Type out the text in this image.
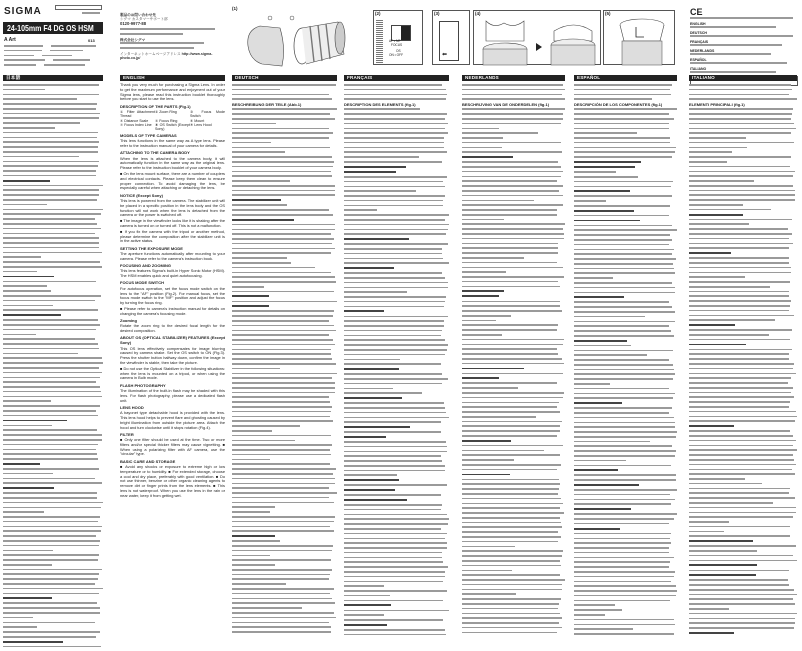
SIGMA
24-105mm F4 DG OS HSM
A Art	013
製品のお問い合わせ先
シグマ カスタマーサポート部
0120-9977-88
株式会社シグマ
インターネットホームページアドレス http://www.sigma-photo.co.jp/
(1)
(2)
AF • MF
FOCUS
OS
ON • OFF
(3)
⬅
(4)	(5)	CE
ENGLISH
DEUTSCH
FRANÇAIS
NEDERLANDS
ESPAÑOL
ITALIANO
日本語	ENGLISH	DEUTSCH	FRANÇAIS	NEDERLANDS	ESPAÑOL	ITALIANO

Thank you very much for purchasing a Sigma Lens. In order to get the maximum performance and enjoyment out of your Sigma lens, please read this instruction booklet thoroughly before you start to use the lens.

DESCRIPTION OF THE PARTS (Fig.1)
① Filter Attachment Thread
② Zoom Ring	③ Focus Mode Switch
④ Distance Scale	⑤ Focus Ring	⑥ Mount
⑦ Focus Index Line ⑧ OS Switch (Except Sony)
⑨ Lens Hood
MODELS OF TYPE CAMERAS

This lens functions in the same way as A type lens. Please refer to the instruction manual of your camera for details.

ATTACHING TO THE CAMERA BODY

When the lens is attached to the camera body, it will automatically function in the same way as the original lens. Please refer to the instruction booklet of your camera body.

■ On the lens mount surface, there are a number of couplers and electrical contacts. Please keep them clean to ensure proper connection. To avoid damaging the lens, be especially careful when attaching or detaching the lens.

NOTICE (Except Sony)

This lens is powered from the camera. The stabilizer unit will be placed in a specific position in the lens body and the OS function will not work when the lens is detached from the camera or the power is switched off.

■ The image in the viewfinder looks like it is shaking after the camera is turned on or turned off. This is not a malfunction.

■ If you fix the camera with the tripod or another method, please determine the composition after the stabilizer unit is in the active status.

SETTING THE EXPOSURE MODE

The aperture functions automatically after mounting to your camera. Please refer to the camera's instruction book.

FOCUSING AND ZOOMING

This lens features Sigma's built-in Hyper Sonic Motor (HSM). The HSM enables quick and quiet autofocusing.

FOCUS MODE SWITCH

For autofocus operation, set the focus mode switch on the lens to the "AF" position (Fig.2). For manual focus, set the focus mode switch to the "MF" position and adjust the focus by turning the focus ring.

■ Please refer to camera's instruction manual for details on changing the camera's focusing mode.

Zooming

Rotate the zoom ring to the desired focal length for the desired composition.

ABOUT OS (OPTICAL STABILIZER) FEATURES (Except Sony)

This OS lens effectively compensates for image blurring caused by camera shake. Set the OS switch to ON (Fig.3). Press the shutter button halfway down, confirm the image in the viewfinder is stable, then take the picture.

■ Do not use the Optical Stabilizer in the following situations: when the lens is mounted on a tripod, or when using the camera in Bulb mode.

FLASH PHOTOGRAPHY

The illumination of the built-in flash may be shaded with this lens. For flash photography, please use a dedicated flash unit.

LENS HOOD

A bayonet type detachable hood is provided with the lens. This lens hood helps to prevent flare and ghosting caused by bright illumination from outside the picture area. Attach the hood and turn clockwise until it stops rotation (Fig.4).

FILTER

■ Only one filter should be used at the time. Two or more filters and/or special thicker filters may cause vignetting. ■ When using a polarizing filter with AF camera, use the "circular" type.

BASIC CARE AND STORAGE

■ Avoid any shocks or exposure to extreme high or low temperature or to humidity. ■ For extended storage, choose a cool and dry place, preferably with good ventilation. ■ Do not use thinner, benzine or other organic cleaning agents to remove dirt or finger prints from the lens elements. ■ This lens is not waterproof. When you use the lens in the rain or near water, keep it from getting wet.

BESCHREIBUNG DER TEILE (Abb.1)	DESCRIPTION DES ELEMENTS (fig.1)	BESCHRIJVING VAN DE ONDERDELEN (fig.1)	DESCRIPCIÓN DE LOS COMPONENTES (fig.1)	ELEMENTI PRINCIPALI (fig.1)
